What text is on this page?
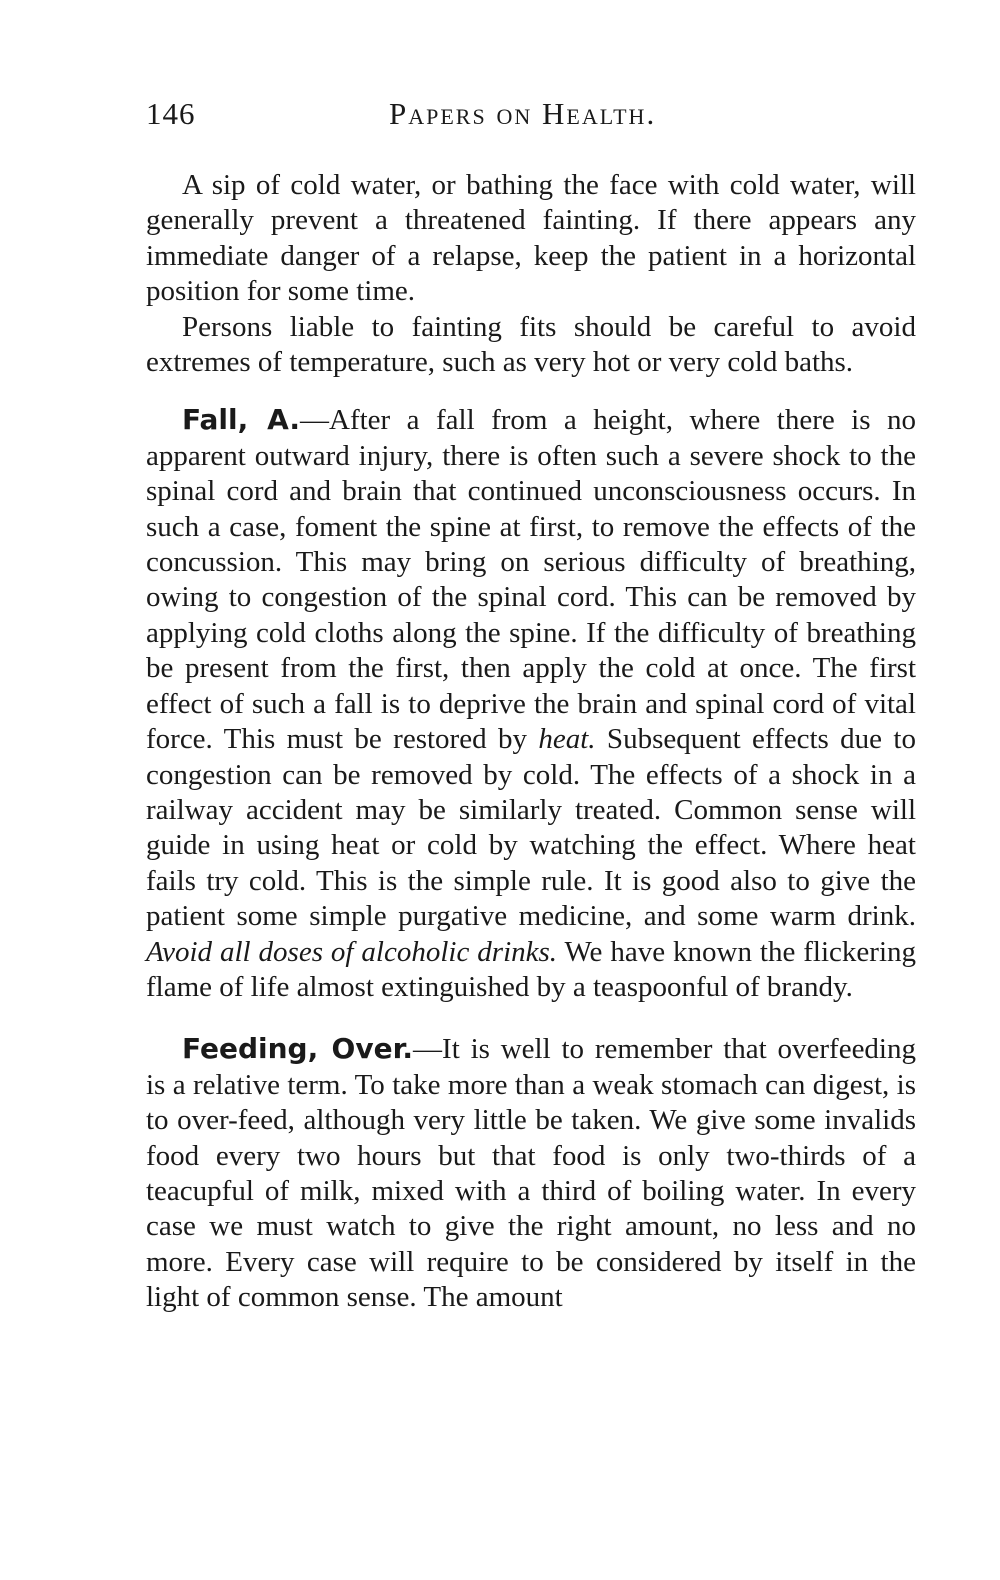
146	Papers on Health.

A sip of cold water, or bathing the face with cold water, will generally prevent a threatened fainting. If there appears any immediate danger of a relapse, keep the patient in a horizontal position for some time.

Persons liable to fainting fits should be careful to avoid extremes of temperature, such as very hot or very cold baths.

Fall, A.—After a fall from a height, where there is no apparent outward injury, there is often such a severe shock to the spinal cord and brain that continued unconsciousness occurs. In such a case, foment the spine at first, to remove the effects of the concussion. This may bring on serious difficulty of breathing, owing to congestion of the spinal cord. This can be removed by applying cold cloths along the spine. If the difficulty of breathing be present from the first, then apply the cold at once. The first effect of such a fall is to deprive the brain and spinal cord of vital force. This must be restored by heat. Subsequent effects due to congestion can be removed by cold. The effects of a shock in a railway accident may be similarly treated. Common sense will guide in using heat or cold by watching the effect. Where heat fails try cold. This is the simple rule. It is good also to give the patient some simple purgative medicine, and some warm drink. Avoid all doses of alcoholic drinks. We have known the flickering flame of life almost extinguished by a teaspoonful of brandy.

Feeding, Over.—It is well to remember that overfeeding is a relative term. To take more than a weak stomach can digest, is to over-feed, although very little be taken. We give some invalids food every two hours but that food is only two-thirds of a teacupful of milk, mixed with a third of boiling water. In every case we must watch to give the right amount, no less and no more. Every case will require to be considered by itself in the light of common sense. The amount
